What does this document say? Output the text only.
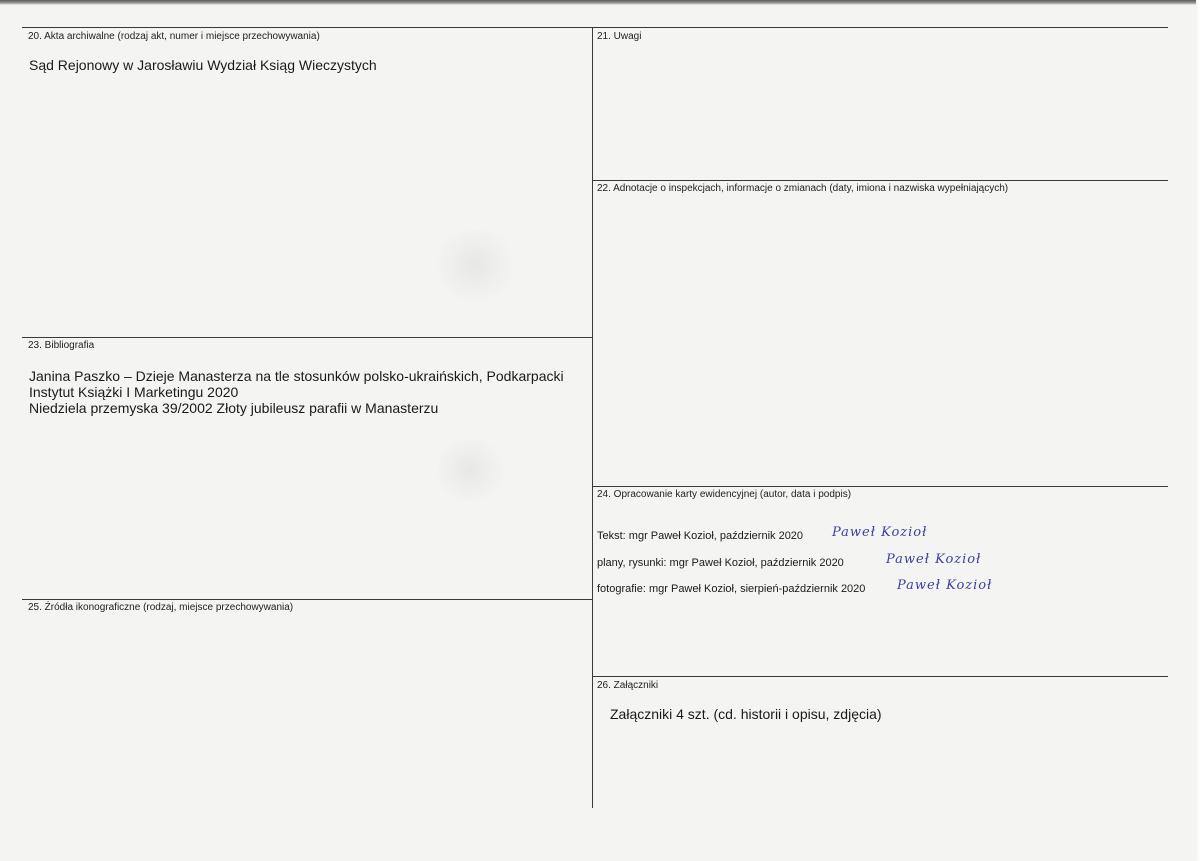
20. Akta archiwalne (rodzaj akt, numer i miejsce przechowywania)
Sąd Rejonowy w Jarosławiu Wydział Ksiąg Wieczystych
21. Uwagi
22. Adnotacje o inspekcjach, informacje o zmianach (daty, imiona i nazwiska wypełniających)
23. Bibliografia
Janina Paszko – Dzieje Manasterza na tle stosunków polsko-ukraińskich, Podkarpacki
Instytut Książki I Marketingu 2020
Niedziela przemyska 39/2002 Złoty jubileusz parafii w Manasterzu
24. Opracowanie karty ewidencyjnej (autor, data i podpis)
Tekst: mgr Paweł Kozioł, październik 2020 Paweł Kozioł
plany, rysunki: mgr Paweł Kozioł, październik 2020	Paweł Kozioł
fotografie: mgr Paweł Kozioł, sierpień-październik 2020 Paweł Kozioł
25. Źródła ikonograficzne (rodzaj, miejsce przechowywania)
26. Załączniki
Załączniki 4 szt. (cd. historii i opisu, zdjęcia)
